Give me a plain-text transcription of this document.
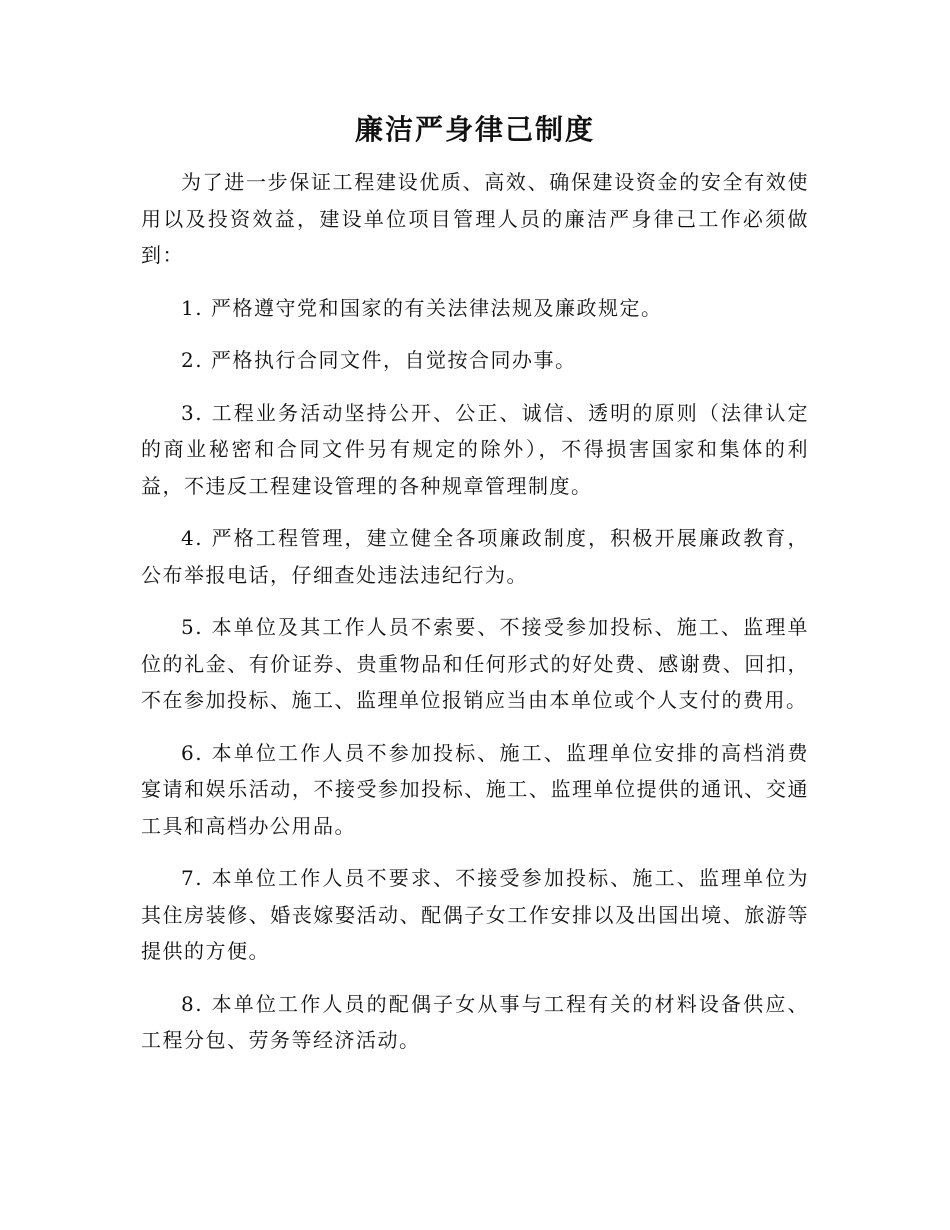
廉洁严身律己制度

为了进一步保证工程建设优质、高效、确保建设资金的安全有效使用以及投资效益，建设单位项目管理人员的廉洁严身律己工作必须做到：

1. 严格遵守党和国家的有关法律法规及廉政规定。

2. 严格执行合同文件，自觉按合同办事。

3. 工程业务活动坚持公开、公正、诚信、透明的原则（法律认定的商业秘密和合同文件另有规定的除外），不得损害国家和集体的利益，不违反工程建设管理的各种规章管理制度。

4. 严格工程管理，建立健全各项廉政制度，积极开展廉政教育，公布举报电话，仔细查处违法违纪行为。

5. 本单位及其工作人员不索要、不接受参加投标、施工、监理单位的礼金、有价证券、贵重物品和任何形式的好处费、感谢费、回扣，不在参加投标、施工、监理单位报销应当由本单位或个人支付的费用。

6. 本单位工作人员不参加投标、施工、监理单位安排的高档消费宴请和娱乐活动，不接受参加投标、施工、监理单位提供的通讯、交通工具和高档办公用品。

7. 本单位工作人员不要求、不接受参加投标、施工、监理单位为其住房装修、婚丧嫁娶活动、配偶子女工作安排以及出国出境、旅游等提供的方便。

8. 本单位工作人员的配偶子女从事与工程有关的材料设备供应、工程分包、劳务等经济活动。
